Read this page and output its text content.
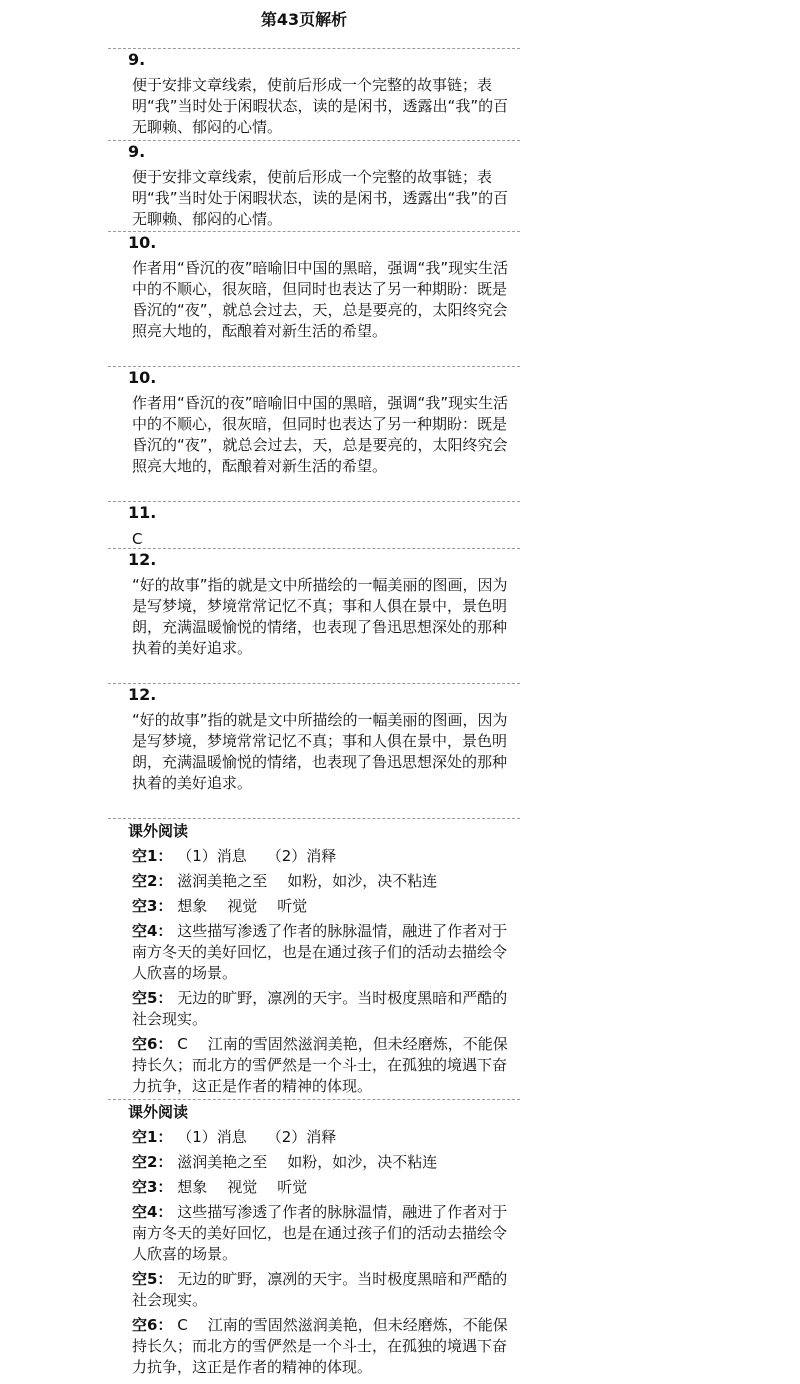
第43页解析
9.
便于安排文章线索，使前后形成一个完整的故事链；表明“我”当时处于闲暇状态，读的是闲书，透露出“我”的百无聊赖、郁闷的心情。
9.
便于安排文章线索，使前后形成一个完整的故事链；表明“我”当时处于闲暇状态，读的是闲书，透露出“我”的百无聊赖、郁闷的心情。
10.
作者用“昏沉的夜”暗喻旧中国的黑暗，强调“我”现实生活中的不顺心，很灰暗，但同时也表达了另一种期盼：既是昏沉的“夜”，就总会过去，天，总是要亮的，太阳终究会照亮大地的，酝酿着对新生活的希望。
10.
作者用“昏沉的夜”暗喻旧中国的黑暗，强调“我”现实生活中的不顺心，很灰暗，但同时也表达了另一种期盼：既是昏沉的“夜”，就总会过去，天，总是要亮的，太阳终究会照亮大地的，酝酿着对新生活的希望。
11.
C
12.
“好的故事”指的就是文中所描绘的一幅美丽的图画，因为是写梦境，梦境常常记忆不真；事和人俱在景中，景色明朗，充满温暖愉悦的情绪，也表现了鲁迅思想深处的那种执着的美好追求。
12.
“好的故事”指的就是文中所描绘的一幅美丽的图画，因为是写梦境，梦境常常记忆不真；事和人俱在景中，景色明朗，充满温暖愉悦的情绪，也表现了鲁迅思想深处的那种执着的美好追求。
课外阅读
空1： （1）消息 （2）消释
空2： 滋润美艳之至 如粉，如沙，决不粘连
空3： 想象 视觉 听觉
空4： 这些描写渗透了作者的脉脉温情，融进了作者对于南方冬天的美好回忆，也是在通过孩子们的活动去描绘令人欣喜的场景。
空5： 无边的旷野，凛冽的天宇。当时极度黑暗和严酷的社会现实。
空6： C 江南的雪固然滋润美艳，但未经磨炼，不能保持长久；而北方的雪俨然是一个斗士，在孤独的境遇下奋力抗争，这正是作者的精神的体现。
课外阅读
空1： （1）消息 （2）消释
空2： 滋润美艳之至 如粉，如沙，决不粘连
空3： 想象 视觉 听觉
空4： 这些描写渗透了作者的脉脉温情，融进了作者对于南方冬天的美好回忆，也是在通过孩子们的活动去描绘令人欣喜的场景。
空5： 无边的旷野，凛冽的天宇。当时极度黑暗和严酷的社会现实。
空6： C 江南的雪固然滋润美艳，但未经磨炼，不能保持长久；而北方的雪俨然是一个斗士，在孤独的境遇下奋力抗争，这正是作者的精神的体现。
